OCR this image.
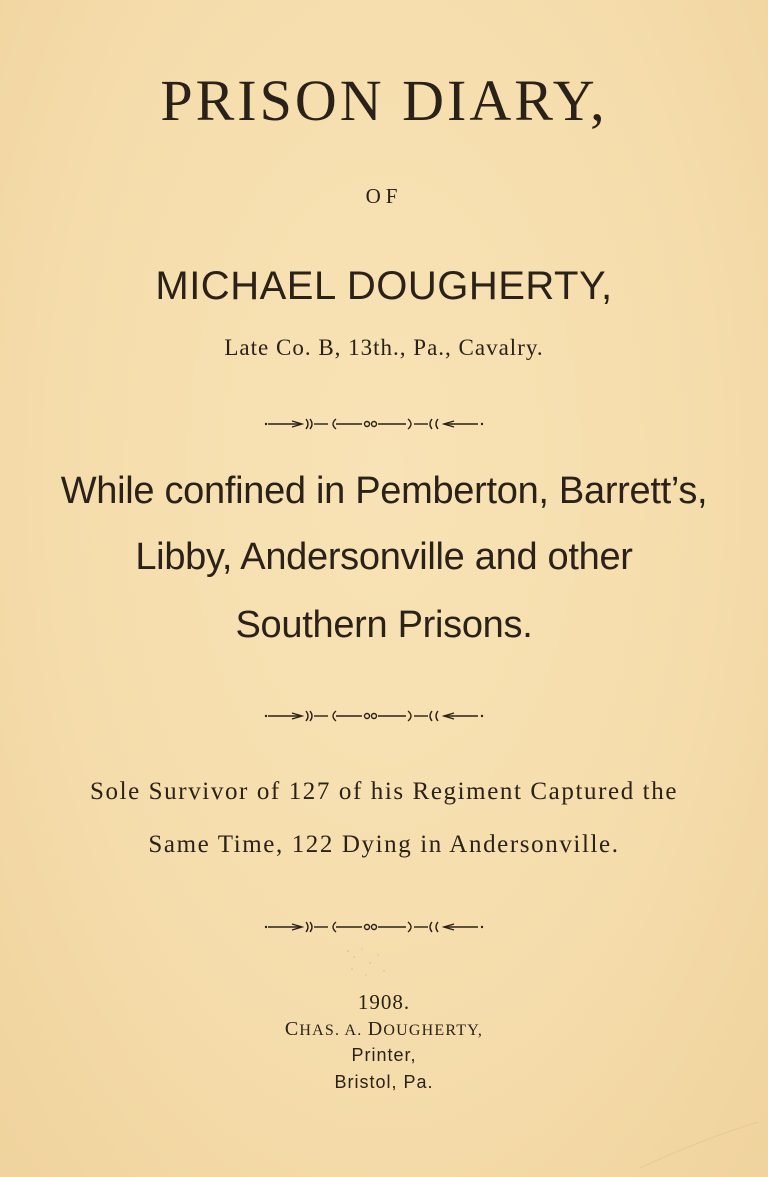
PRISON DIARY,
OF
MICHAEL DOUGHERTY,
Late Co. B, 13th., Pa., Cavalry.
While confined in Pemberton, Barrett’s,
Libby, Andersonville and other
Southern Prisons.
Sole Survivor of 127 of his Regiment Captured the
Same Time, 122 Dying in Andersonville.
1908.
CHAS. A. DOUGHERTY,
Printer,
Bristol, Pa.
